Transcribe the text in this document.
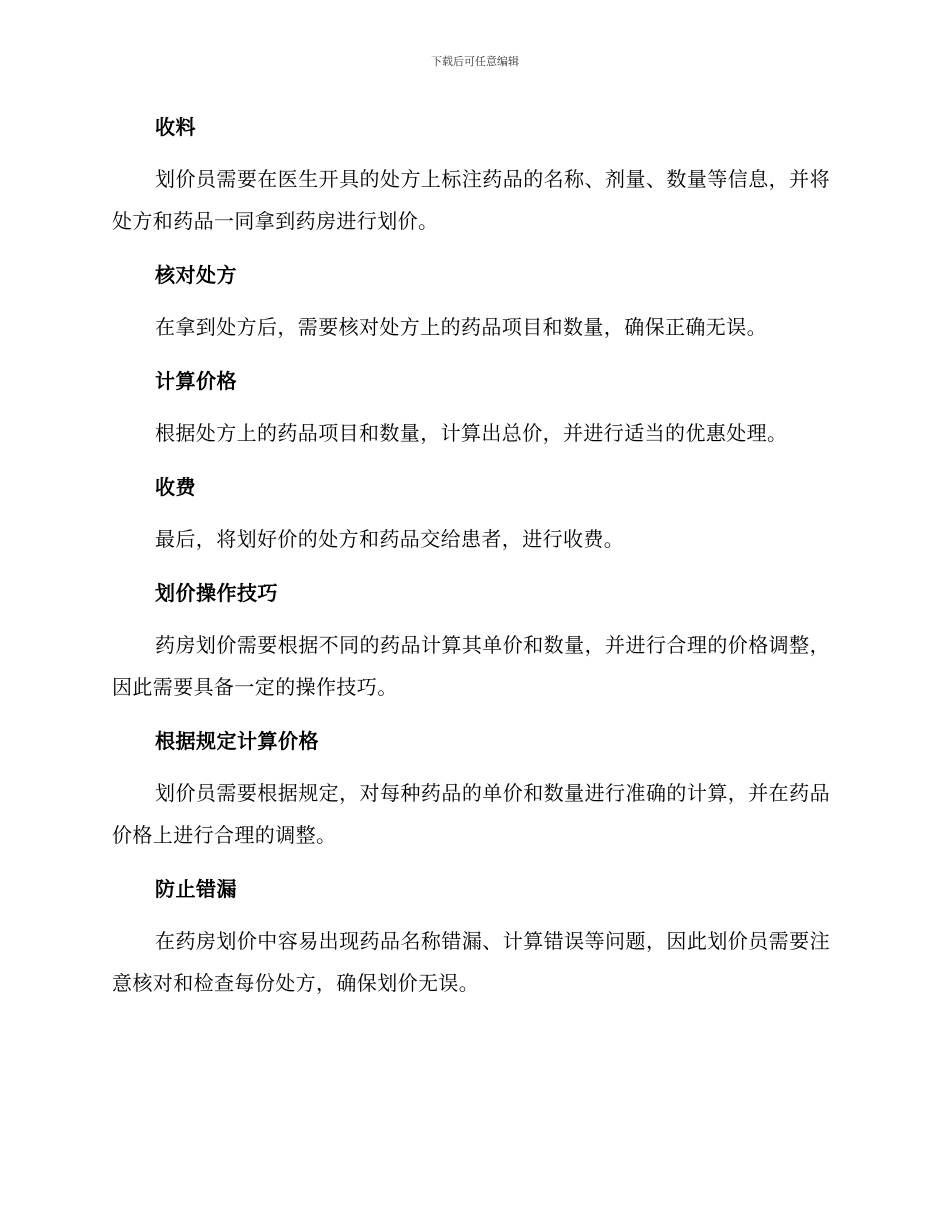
下载后可任意编辑
收料

划价员需要在医生开具的处方上标注药品的名称、剂量、数量等信息，并将处方和药品一同拿到药房进行划价。

核对处方

在拿到处方后，需要核对处方上的药品项目和数量，确保正确无误。

计算价格

根据处方上的药品项目和数量，计算出总价，并进行适当的优惠处理。

收费

最后，将划好价的处方和药品交给患者，进行收费。

划价操作技巧

药房划价需要根据不同的药品计算其单价和数量，并进行合理的价格调整，因此需要具备一定的操作技巧。

根据规定计算价格

划价员需要根据规定，对每种药品的单价和数量进行准确的计算，并在药品价格上进行合理的调整。

防止错漏

在药房划价中容易出现药品名称错漏、计算错误等问题，因此划价员需要注意核对和检查每份处方，确保划价无误。
